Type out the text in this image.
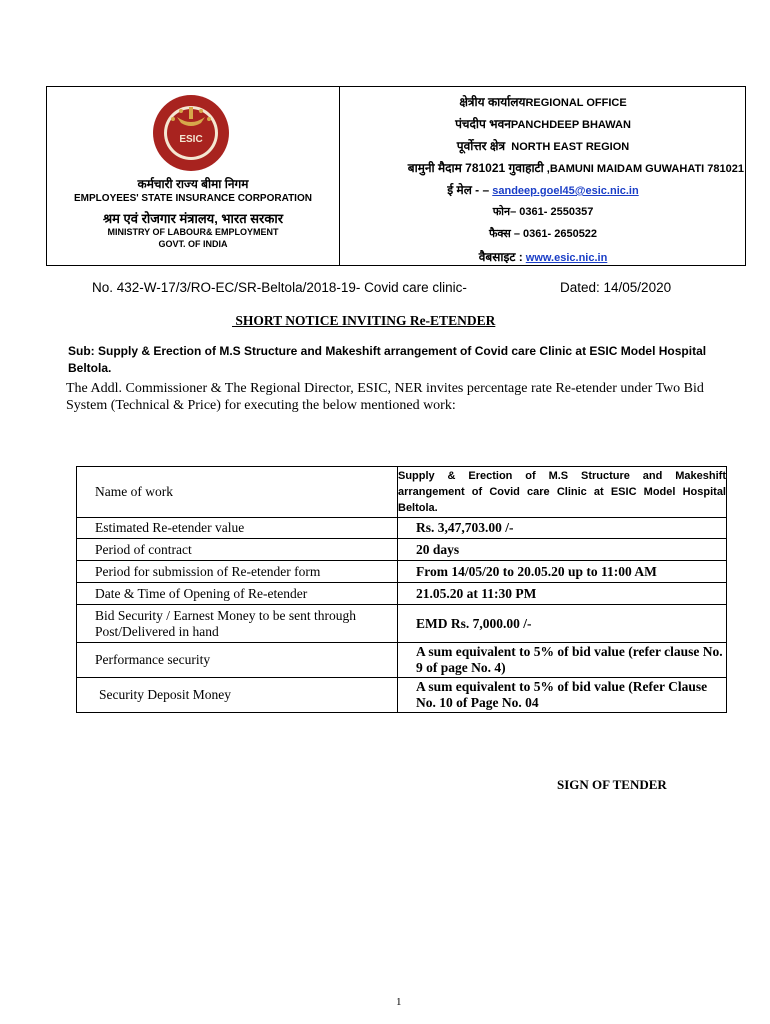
ESIC
कर्मचारी राज्य बीमा निगम
EMPLOYEES' STATE INSURANCE CORPORATION
श्रम एवं रोजगार मंत्रालय, भारत सरकार
MINISTRY OF LABOUR& EMPLOYMENT
GOVT. OF INDIA
क्षेत्रीय कार्यालयREGIONAL OFFICE
पंचदीप भवनPANCHDEEP BHAWAN
पूर्वोत्तर क्षेत्र NORTH EAST REGION
बामुनी मैदाम 781021 गुवाहाटी ,BAMUNI MAIDAM GUWAHATI 781021
ई मेल - – sandeep.goel45@esic.nic.in
फोन– 0361- 2550357
फैक्स – 0361- 2650522
वैबसाइट : www.esic.nic.in
No. 432-W-17/3/RO-EC/SR-Beltola/2018-19- Covid care clinic-	Dated: 14/05/2020
SHORT NOTICE INVITING Re-ETENDER
Sub: Supply & Erection of M.S Structure and Makeshift arrangement of Covid care Clinic at ESIC Model Hospital Beltola.
The Addl. Commissioner & The Regional Director, ESIC, NER invites percentage rate Re-etender under Two Bid System (Technical & Price) for executing the below mentioned work:
Name of work	Supply & Erection of M.S Structure and Makeshift arrangement of Covid care Clinic at ESIC Model Hospital Beltola.
Estimated Re-etender value	Rs. 3,47,703.00 /-
Period of contract	20 days
Period for submission of Re-etender form	From 14/05/20 to 20.05.20 up to 11:00 AM
Date & Time of Opening of Re-etender	21.05.20 at 11:30 PM
Bid Security / Earnest Money to be sent through Post/Delivered in hand	EMD Rs. 7,000.00 /-
Performance security	A sum equivalent to 5% of bid value (refer clause No. 9 of page No. 4)
Security Deposit Money	A sum equivalent to 5% of bid value (Refer Clause No. 10 of Page No. 04
SIGN OF TENDER
1
